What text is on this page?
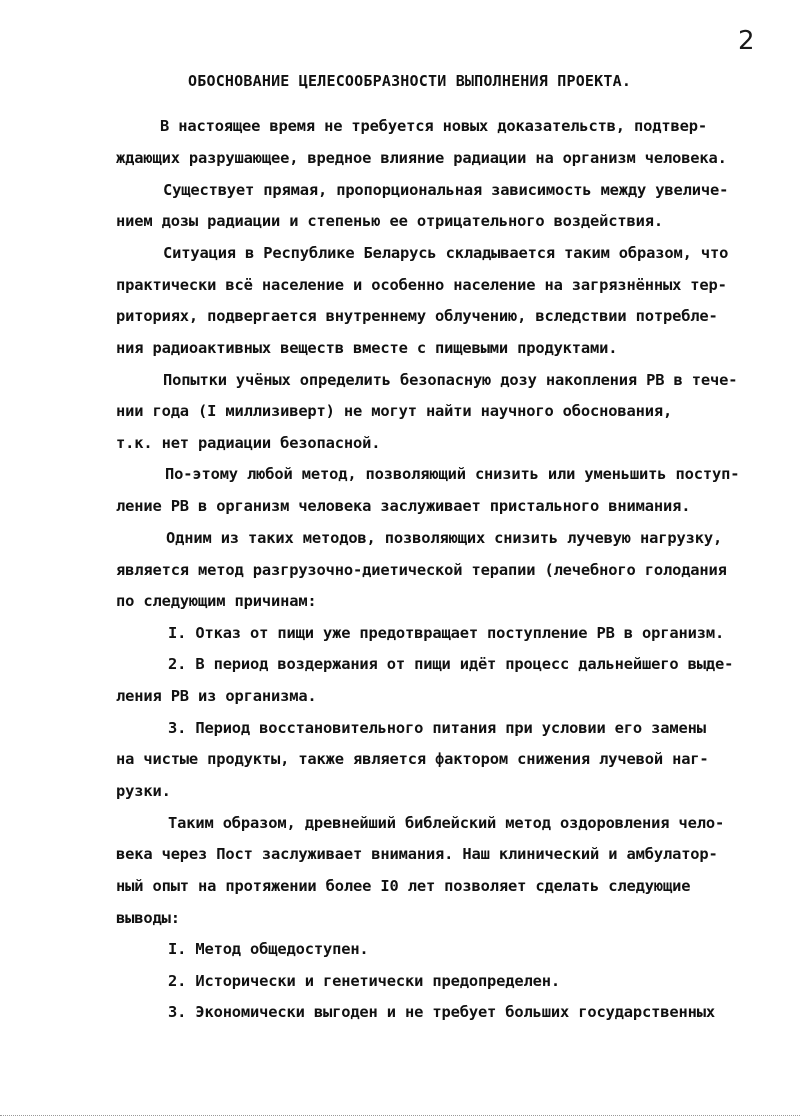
2
ОБОСНОВАНИЕ ЦЕЛЕСООБРАЗНОСТИ ВЫПОЛНЕНИЯ ПРОЕКТА.
В настоящее время не требуется новых доказательств, подтвер-
ждающих разрушающее, вредное влияние радиации на организм человека.
Существует прямая, пропорциональная зависимость между увеличе-
нием дозы радиации и степенью ее отрицательного воздействия.
Ситуация в Республике Беларусь складывается таким образом, что
практически всё население и особенно население на загрязнённых тер-
риториях, подвергается внутреннему облучению, вследствии потребле-
ния радиоактивных веществ вместе с пищевыми продуктами.
Попытки учёных определить безопасную дозу накопления РВ в тече-
нии года (I миллизиверт) не могут найти научного обоснования,
т.к. нет радиации безопасной.
По-этому любой метод, позволяющий снизить или уменьшить поступ-
ление РВ в организм человека заслуживает пристального внимания.
Одним из таких методов, позволяющих снизить лучевую нагрузку,
является метод разгрузочно-диетической терапии (лечебного голодания
по следующим причинам:
I. Отказ от пищи уже предотвращает поступление РВ в организм.
2. В период воздержания от пищи идёт процесс дальнейшего выде-
ления РВ из организма.
3. Период восстановительного питания при условии его замены
на чистые продукты, также является фактором снижения лучевой наг-
рузки.
Таким образом, древнейший библейский метод оздоровления чело-
века через Пост заслуживает внимания. Наш клинический и амбулатор-
ный опыт на протяжении более I0 лет позволяет сделать следующие
выводы:
I. Метод общедоступен.
2. Исторически и генетически предопределен.
3. Экономически выгоден и не требует больших государственных
